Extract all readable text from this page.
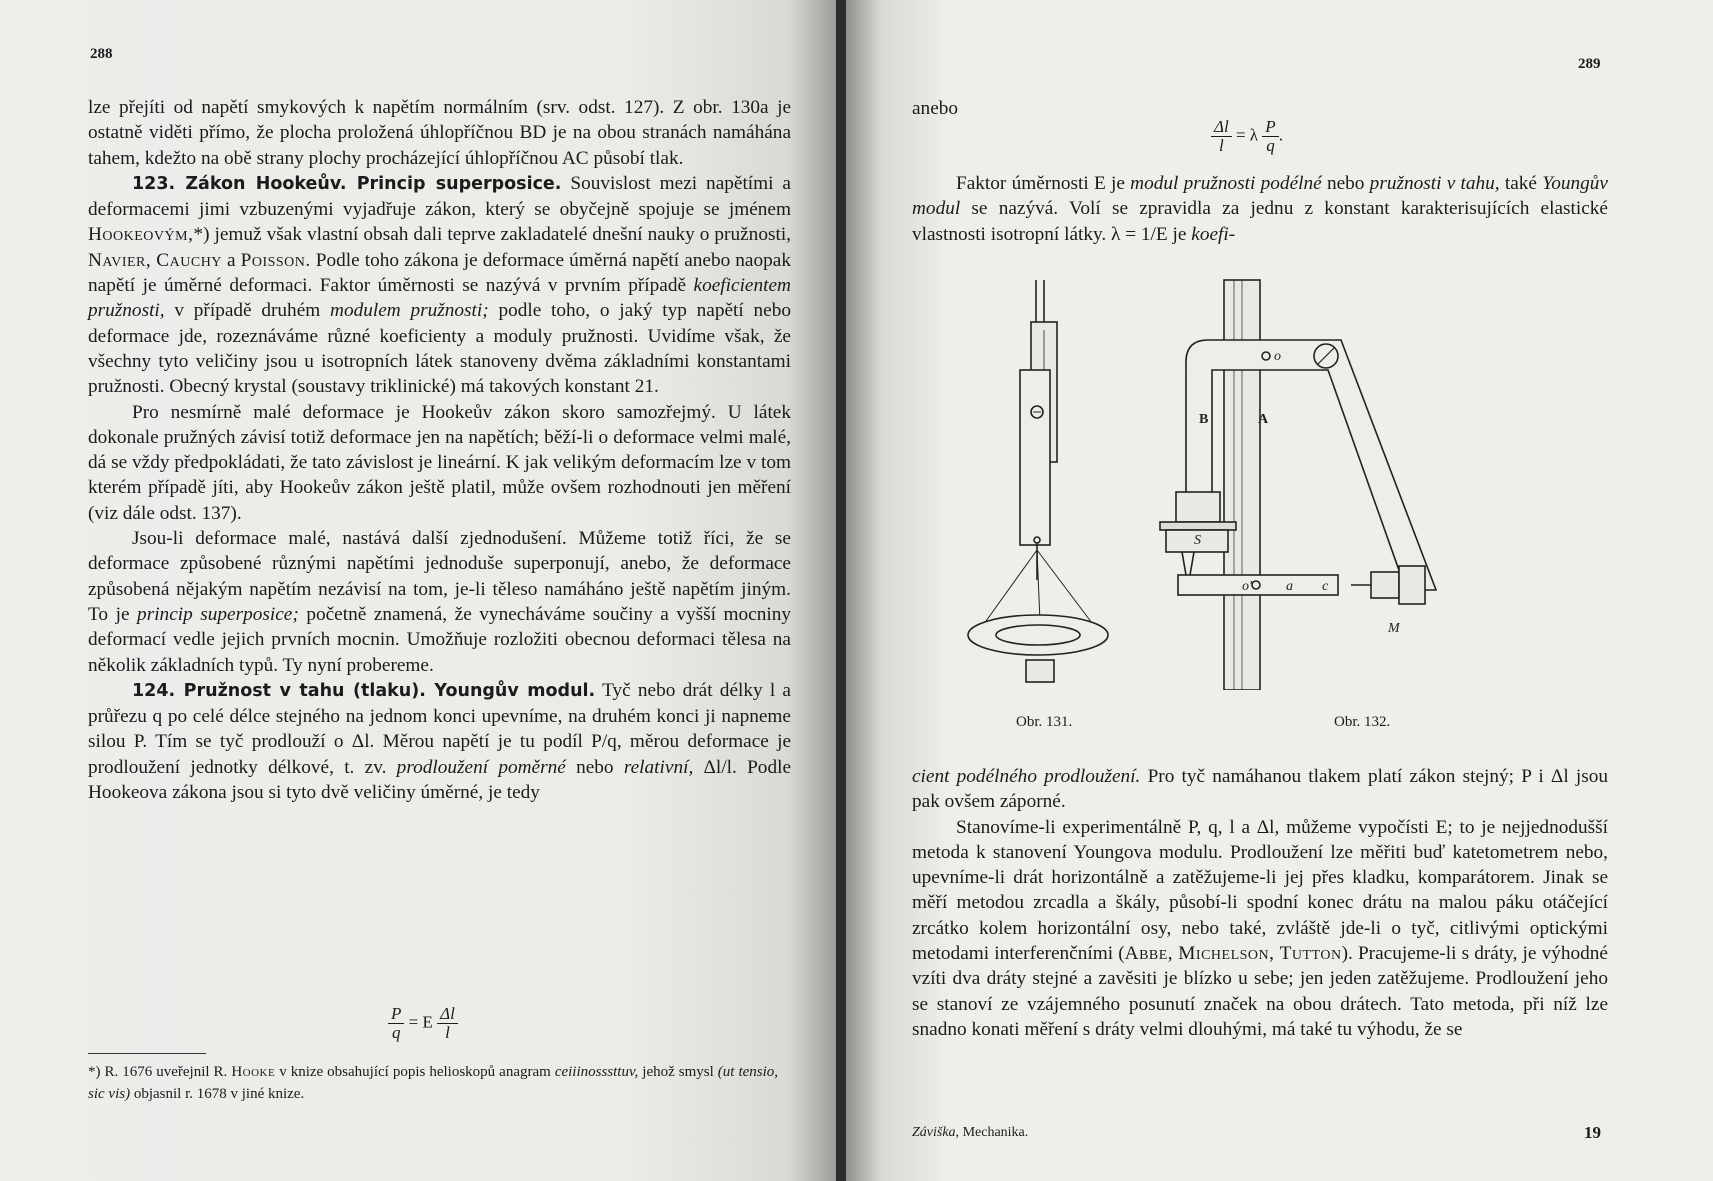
288

lze přejíti od napětí smykových k napětím normálním (srv. odst. 127). Z obr. 130a je ostatně viděti přímo, že plocha proložená úhlopříčnou BD je na obou stranách namáhána tahem, kdežto na obě strany plochy procházející úhlopříčnou AC působí tlak.

123. Zákon Hookeův. Princip superposice. Souvislost mezi napětími a deformacemi jimi vzbuzenými vyjadřuje zákon, který se obyčejně spojuje se jménem Hookeovým,*) jemuž však vlastní obsah dali teprve zakladatelé dnešní nauky o pružnosti, Navier, Cauchy a Poisson. Podle toho zákona je deformace úměrná napětí anebo naopak napětí je úměrné deformaci. Faktor úměrnosti se nazývá v prvním případě koeficientem pružnosti, v případě druhém modulem pružnosti; podle toho, o jaký typ napětí nebo deformace jde, rozeznáváme různé koeficienty a moduly pružnosti. Uvidíme však, že všechny tyto veličiny jsou u isotropních látek stanoveny dvěma základními konstantami pružnosti. Obecný krystal (soustavy triklinické) má takových konstant 21.

Pro nesmírně malé deformace je Hookeův zákon skoro samozřejmý. U látek dokonale pružných závisí totiž deformace jen na napětích; běží-li o deformace velmi malé, dá se vždy předpokládati, že tato závislost je lineární. K jak velikým deformacím lze v tom kterém případě jíti, aby Hookeův zákon ještě platil, může ovšem rozhodnouti jen měření (viz dále odst. 137).

Jsou-li deformace malé, nastává další zjednodušení. Můžeme totiž říci, že se deformace způsobené různými napětími jednoduše superponují, anebo, že deformace způsobená nějakým napětím nezávisí na tom, je-li těleso namáháno ještě napětím jiným. To je princip superposice; početně znamená, že vynecháváme součiny a vyšší mocniny deformací vedle jejich prvních mocnin. Umožňuje rozložiti obecnou deformaci tělesa na několik základních typů. Ty nyní probereme.

124. Pružnost v tahu (tlaku). Youngův modul. Tyč nebo drát délky l a průřezu q po celé délce stejného na jednom konci upevníme, na druhém konci ji napneme silou P. Tím se tyč prodlouží o Δl. Měrou napětí je tu podíl P/q, měrou deformace je prodloužení jednotky délkové, t. zv. prodloužení poměrné nebo relativní, Δl/l. Podle Hookeova zákona jsou si tyto dvě veličiny úměrné, je tedy

$\frac{P}{q} = E \frac{\Delta l}{l}$
*) R. 1676 uveřejnil R. Hooke v knize obsahující popis helioskopů anagram ceiiinosssttuv, jehož smysl (ut tensio, sic vis) objasnil r. 1678 v jiné knize.
289
anebo
$\frac{\Delta l}{l} = \lambda \frac{P}{q}$ .

Faktor úměrnosti E je modul pružnosti podélné nebo pružnosti v tahu, také Youngův modul se nazývá. Volí se zpravidla za jednu z konstant karakterisujících elastické vlastnosti isotropní látky. λ = 1/E je koefi-

o
B	A
S
o' a c
M
Obr. 131.	Obr. 132.

cient podélného prodloužení. Pro tyč namáhanou tlakem platí zákon stejný; P i Δl jsou pak ovšem záporné.

Stanovíme-li experimentálně P, q, l a Δl, můžeme vypočísti E; to je nejjednodušší metoda k stanovení Youngova modulu. Prodloužení lze měřiti buď katetometrem nebo, upevníme-li drát horizontálně a zatěžujeme-li jej přes kladku, komparátorem. Jinak se měří metodou zrcadla a škály, působí-li spodní konec drátu na malou páku otáčející zrcátko kolem horizontální osy, nebo také, zvláště jde-li o tyč, citlivými optickými metodami interferenčními (Abbe, Michelson, Tutton). Pracujeme-li s dráty, je výhodné vzíti dva dráty stejné a zavěsiti je blízko u sebe; jen jeden zatěžujeme. Prodloužení jeho se stanoví ze vzájemného posunutí značek na obou drátech. Tato metoda, při níž lze snadno konati měření s dráty velmi dlouhými, má také tu výhodu, že se

Záviška, Mechanika.	19
